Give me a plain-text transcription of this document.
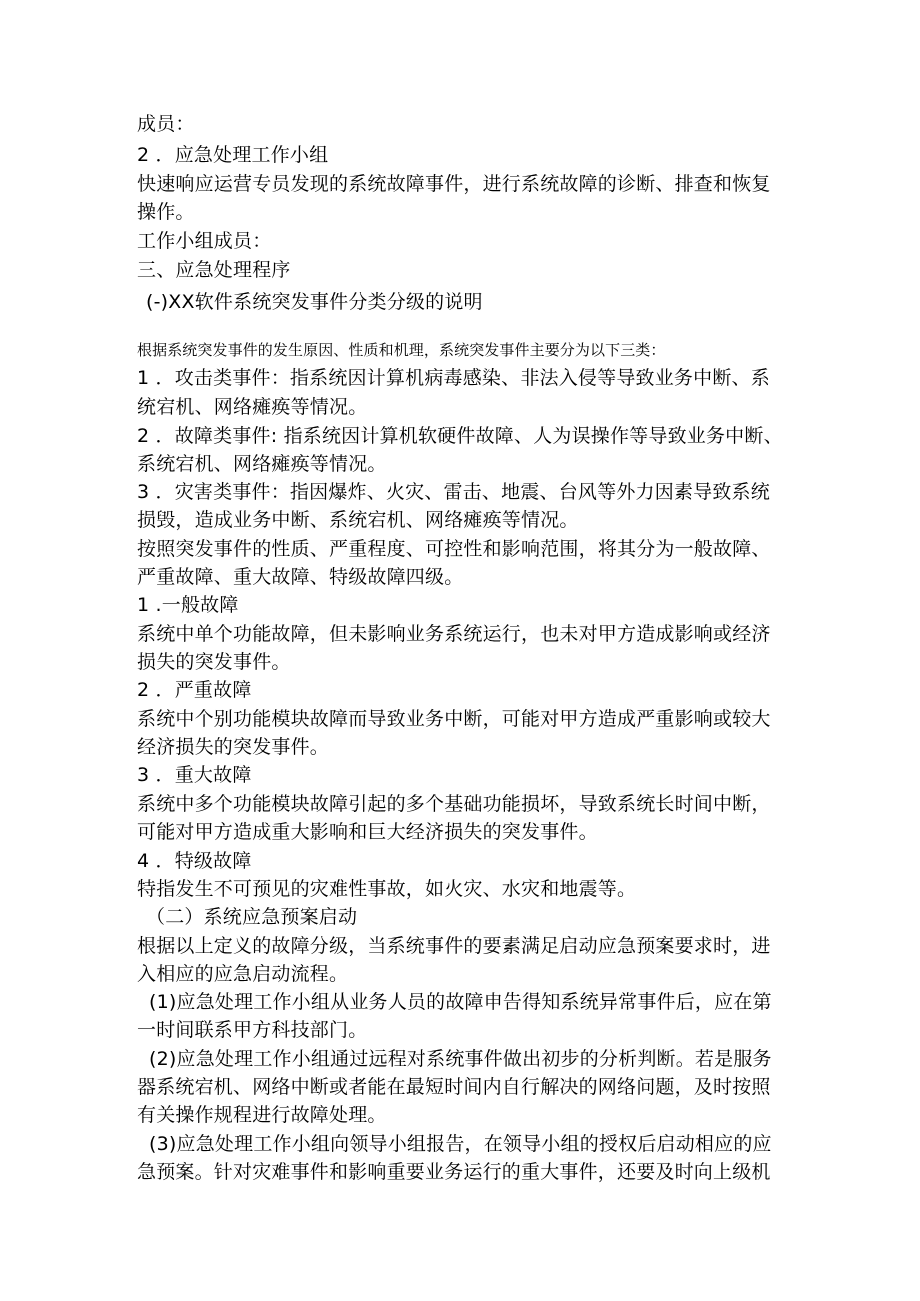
成员：
2 ．应急处理工作小组
快速响应运营专员发现的系统故障事件，进行系统故障的诊断、排查和恢复
操作。
工作小组成员：
三、应急处理程序
(-)XX软件系统突发事件分类分级的说明
根据系统突发事件的发生原因、性质和机理，系统突发事件主要分为以下三类：
1 ．攻击类事件：指系统因计算机病毒感染、非法入侵等导致业务中断、系
统宕机、网络瘫痪等情况。
2 ．故障类事件: 指系统因计算机软硬件故障、人为误操作等导致业务中断、
系统宕机、网络瘫痪等情况。
3 ．灾害类事件：指因爆炸、火灾、雷击、地震、台风等外力因素导致系统
损毁，造成业务中断、系统宕机、网络瘫痪等情况。
按照突发事件的性质、严重程度、可控性和影响范围，将其分为一般故障、
严重故障、重大故障、特级故障四级。
1 .一般故障
系统中单个功能故障，但未影响业务系统运行，也未对甲方造成影响或经济
损失的突发事件。
2 ．严重故障
系统中个别功能模块故障而导致业务中断，可能对甲方造成严重影响或较大
经济损失的突发事件。
3 ．重大故障
系统中多个功能模块故障引起的多个基础功能损坏，导致系统长时间中断，
可能对甲方造成重大影响和巨大经济损失的突发事件。
4 ．特级故障
特指发生不可预见的灾难性事故，如火灾、水灾和地震等。
（二）系统应急预案启动
根据以上定义的故障分级，当系统事件的要素满足启动应急预案要求时，进
入相应的应急启动流程。
(1)应急处理工作小组从业务人员的故障申告得知系统异常事件后，应在第
一时间联系甲方科技部门。
(2)应急处理工作小组通过远程对系统事件做出初步的分析判断。若是服务
器系统宕机、网络中断或者能在最短时间内自行解决的网络问题，及时按照
有关操作规程进行故障处理。
(3)应急处理工作小组向领导小组报告，在领导小组的授权后启动相应的应
急预案。针对灾难事件和影响重要业务运行的重大事件，还要及时向上级机
